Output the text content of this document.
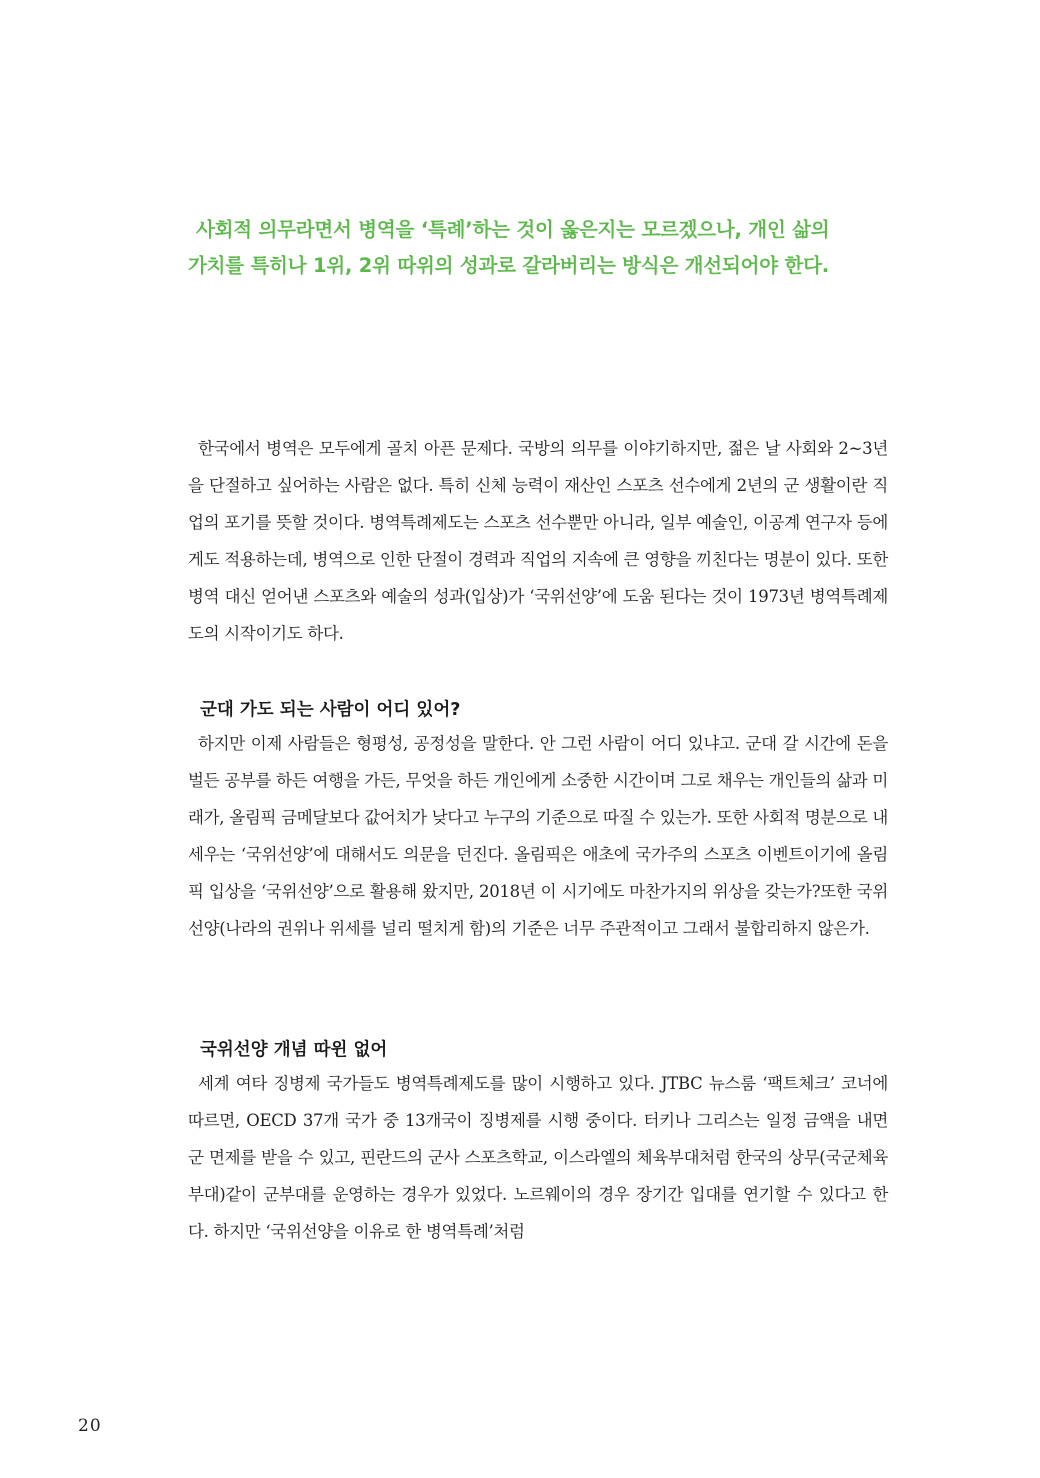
사회적 의무라면서 병역을 ‘특례’하는 것이 옳은지는 모르겠으나, 개인 삶의
가치를 특히나 1위, 2위 따위의 성과로 갈라버리는 방식은 개선되어야 한다.

한국에서 병역은 모두에게 골치 아픈 문제다. 국방의 의무를 이야기하지만, 젊은 날 사회와 2~3년을 단절하고 싶어하는 사람은 없다. 특히 신체 능력이 재산인 스포츠 선수에게 2년의 군 생활이란 직업의 포기를 뜻할 것이다. 병역특례제도는 스포츠 선수뿐만 아니라, 일부 예술인, 이공계 연구자 등에게도 적용하는데, 병역으로 인한 단절이 경력과 직업의 지속에 큰 영향을 끼친다는 명분이 있다. 또한 병역 대신 얻어낸 스포츠와 예술의 성과(입상)가 ‘국위선양’에 도움 된다는 것이 1973년 병역특례제도의 시작이기도 하다.

군대 가도 되는 사람이 어디 있어?

하지만 이제 사람들은 형평성, 공정성을 말한다. 안 그런 사람이 어디 있냐고. 군대 갈 시간에 돈을 벌든 공부를 하든 여행을 가든, 무엇을 하든 개인에게 소중한 시간이며 그로 채우는 개인들의 삶과 미래가, 올림픽 금메달보다 값어치가 낮다고 누구의 기준으로 따질 수 있는가. 또한 사회적 명분으로 내세우는 ‘국위선양’에 대해서도 의문을 던진다. 올림픽은 애초에 국가주의 스포츠 이벤트이기에 올림픽 입상을 ‘국위선양’으로 활용해 왔지만, 2018년 이 시기에도 마찬가지의 위상을 갖는가?또한 국위선양(나라의 권위나 위세를 널리 떨치게 함)의 기준은 너무 주관적이고 그래서 불합리하지 않은가.

국위선양 개념 따윈 없어

세계 여타 징병제 국가들도 병역특례제도를 많이 시행하고 있다. JTBC 뉴스룸 ‘팩트체크’ 코너에 따르면, OECD 37개 국가 중 13개국이 징병제를 시행 중이다. 터키나 그리스는 일정 금액을 내면 군 면제를 받을 수 있고, 핀란드의 군사 스포츠학교, 이스라엘의 체육부대처럼 한국의 상무(국군체육부대)같이 군부대를 운영하는 경우가 있었다. 노르웨이의 경우 장기간 입대를 연기할 수 있다고 한다. 하지만 ‘국위선양을 이유로 한 병역특례’처럼

20
